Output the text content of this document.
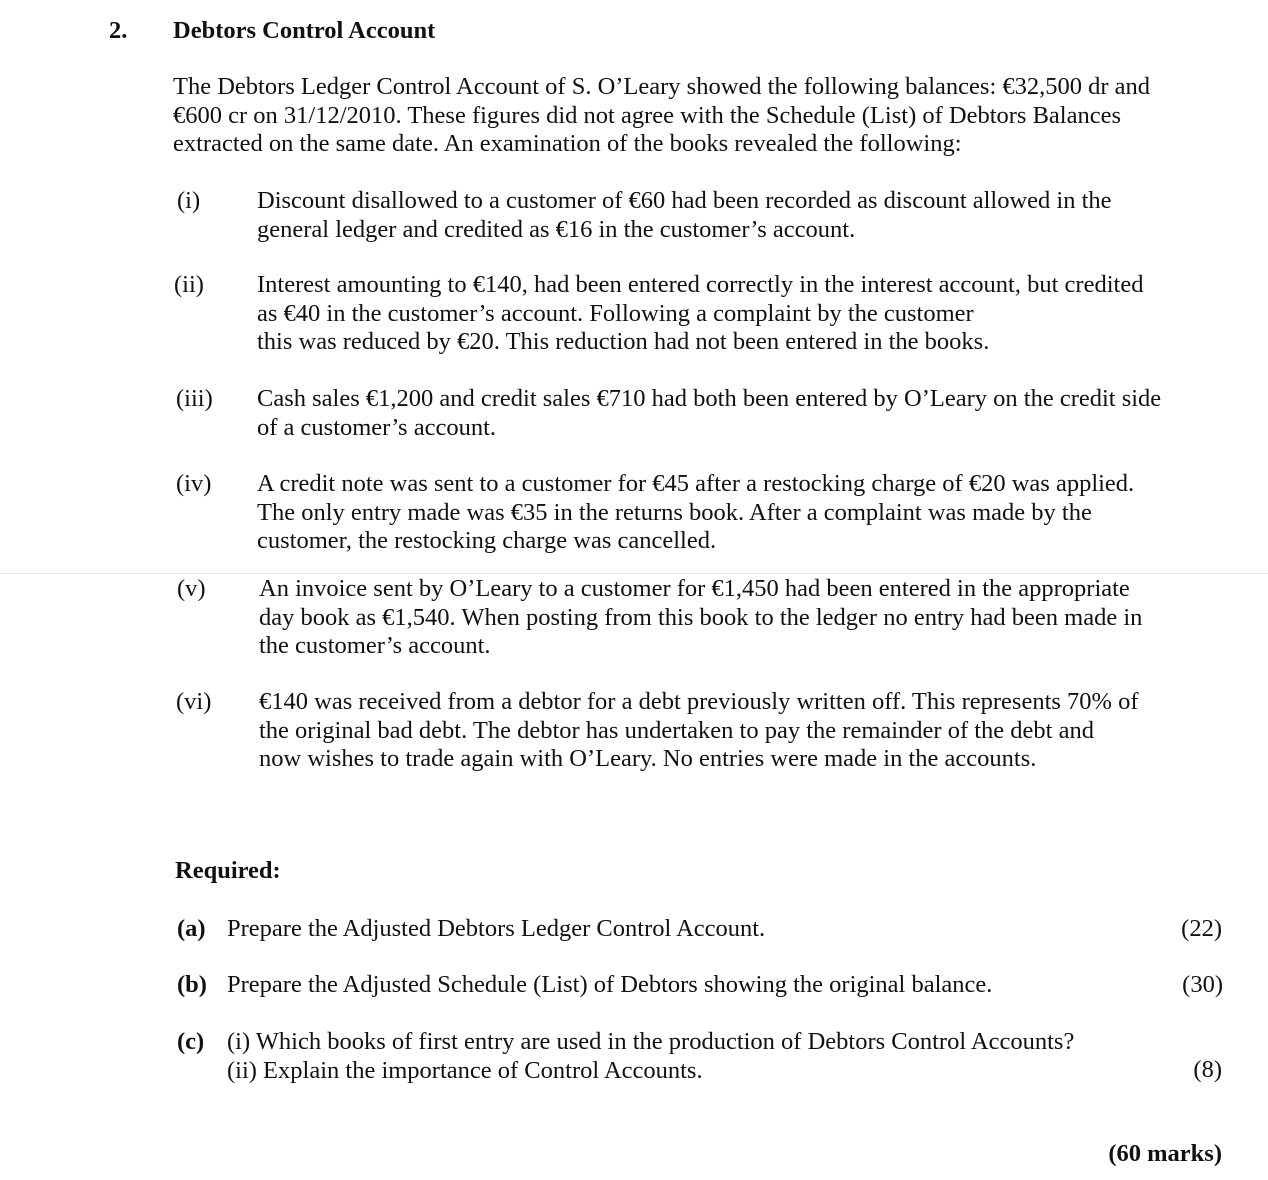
2. Debtors Control Account
The Debtors Ledger Control Account of S. O’Leary showed the following balances: €32,500 dr and
€600 cr on 31/12/2010. These figures did not agree with the Schedule (List) of Debtors Balances
extracted on the same date. An examination of the books revealed the following:
(i) Discount disallowed to a customer of €60 had been recorded as discount allowed in the
general ledger and credited as €16 in the customer’s account.
(ii) Interest amounting to €140, had been entered correctly in the interest account, but credited
as €40 in the customer’s account. Following a complaint by the customer
this was reduced by €20. This reduction had not been entered in the books.
(iii) Cash sales €1,200 and credit sales €710 had both been entered by O’Leary on the credit side
of a customer’s account.
(iv) A credit note was sent to a customer for €45 after a restocking charge of €20 was applied.
The only entry made was €35 in the returns book. After a complaint was made by the
customer, the restocking charge was cancelled.
(v) An invoice sent by O’Leary to a customer for €1,450 had been entered in the appropriate
day book as €1,540. When posting from this book to the ledger no entry had been made in
the customer’s account.
(vi) €140 was received from a debtor for a debt previously written off. This represents 70% of
the original bad debt. The debtor has undertaken to pay the remainder of the debt and
now wishes to trade again with O’Leary. No entries were made in the accounts.
Required:
(a) Prepare the Adjusted Debtors Ledger Control Account.	(22)
(b) Prepare the Adjusted Schedule (List) of Debtors showing the original balance.	(30)
(c) (i) Which books of first entry are used in the production of Debtors Control Accounts?
(ii) Explain the importance of Control Accounts.	(8)
(60 marks)
